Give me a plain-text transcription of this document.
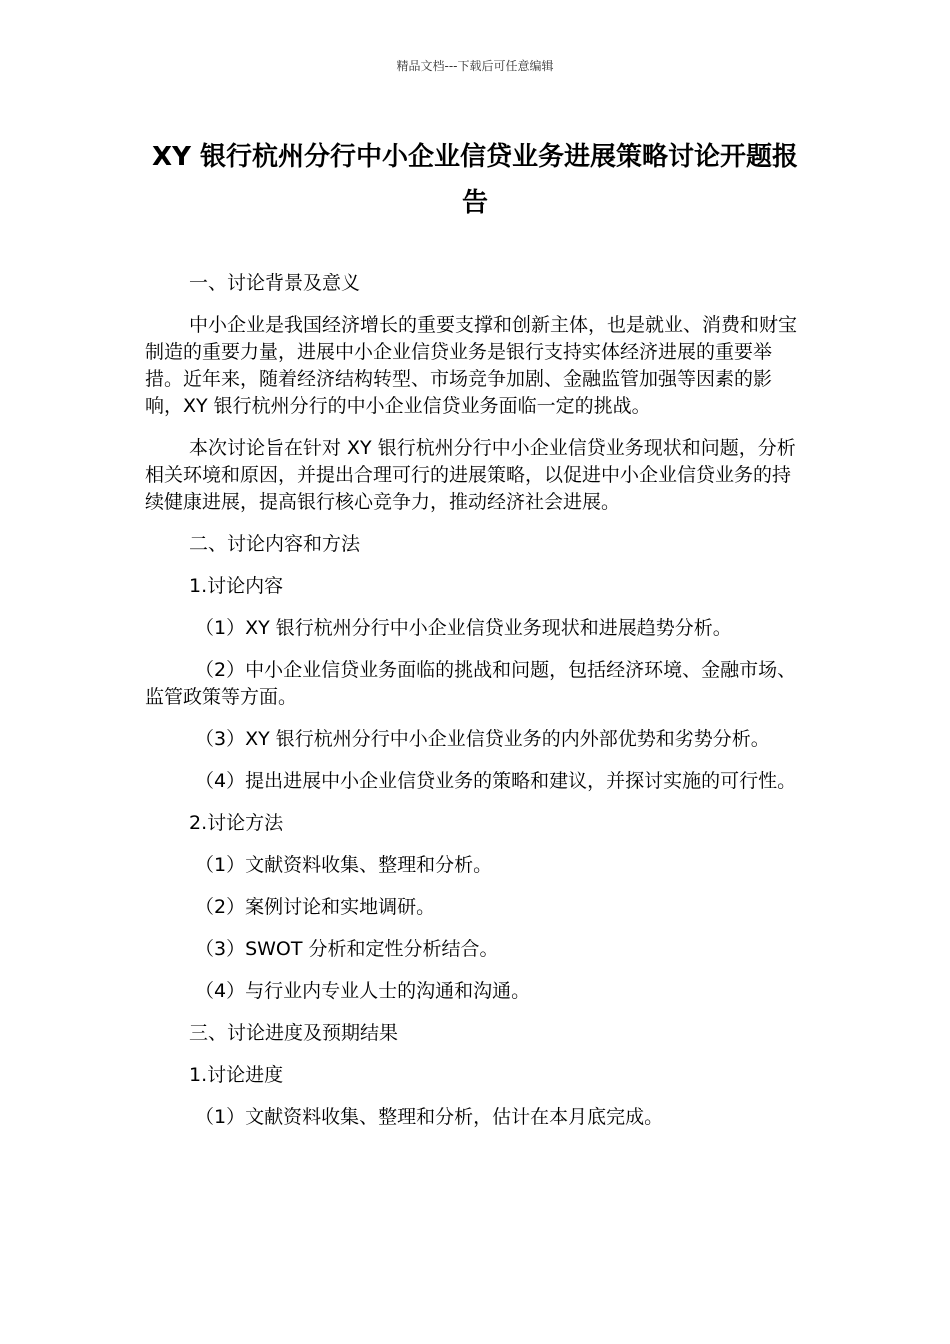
精品文档---下载后可任意编辑
XY 银行杭州分行中小企业信贷业务进展策略讨论开题报告

一、讨论背景及意义

中小企业是我国经济增长的重要支撑和创新主体，也是就业、消费和财宝制造的重要力量，进展中小企业信贷业务是银行支持实体经济进展的重要举措。近年来，随着经济结构转型、市场竞争加剧、金融监管加强等因素的影响，XY 银行杭州分行的中小企业信贷业务面临一定的挑战。

本次讨论旨在针对 XY 银行杭州分行中小企业信贷业务现状和问题，分析相关环境和原因，并提出合理可行的进展策略，以促进中小企业信贷业务的持续健康进展，提高银行核心竞争力，推动经济社会进展。

二、讨论内容和方法

1.讨论内容

（1）XY 银行杭州分行中小企业信贷业务现状和进展趋势分析。

（2）中小企业信贷业务面临的挑战和问题，包括经济环境、金融市场、监管政策等方面。

（3）XY 银行杭州分行中小企业信贷业务的内外部优势和劣势分析。

（4）提出进展中小企业信贷业务的策略和建议，并探讨实施的可行性。

2.讨论方法

（1）文献资料收集、整理和分析。

（2）案例讨论和实地调研。

（3）SWOT 分析和定性分析结合。

（4）与行业内专业人士的沟通和沟通。

三、讨论进度及预期结果

1.讨论进度

（1）文献资料收集、整理和分析，估计在本月底完成。
